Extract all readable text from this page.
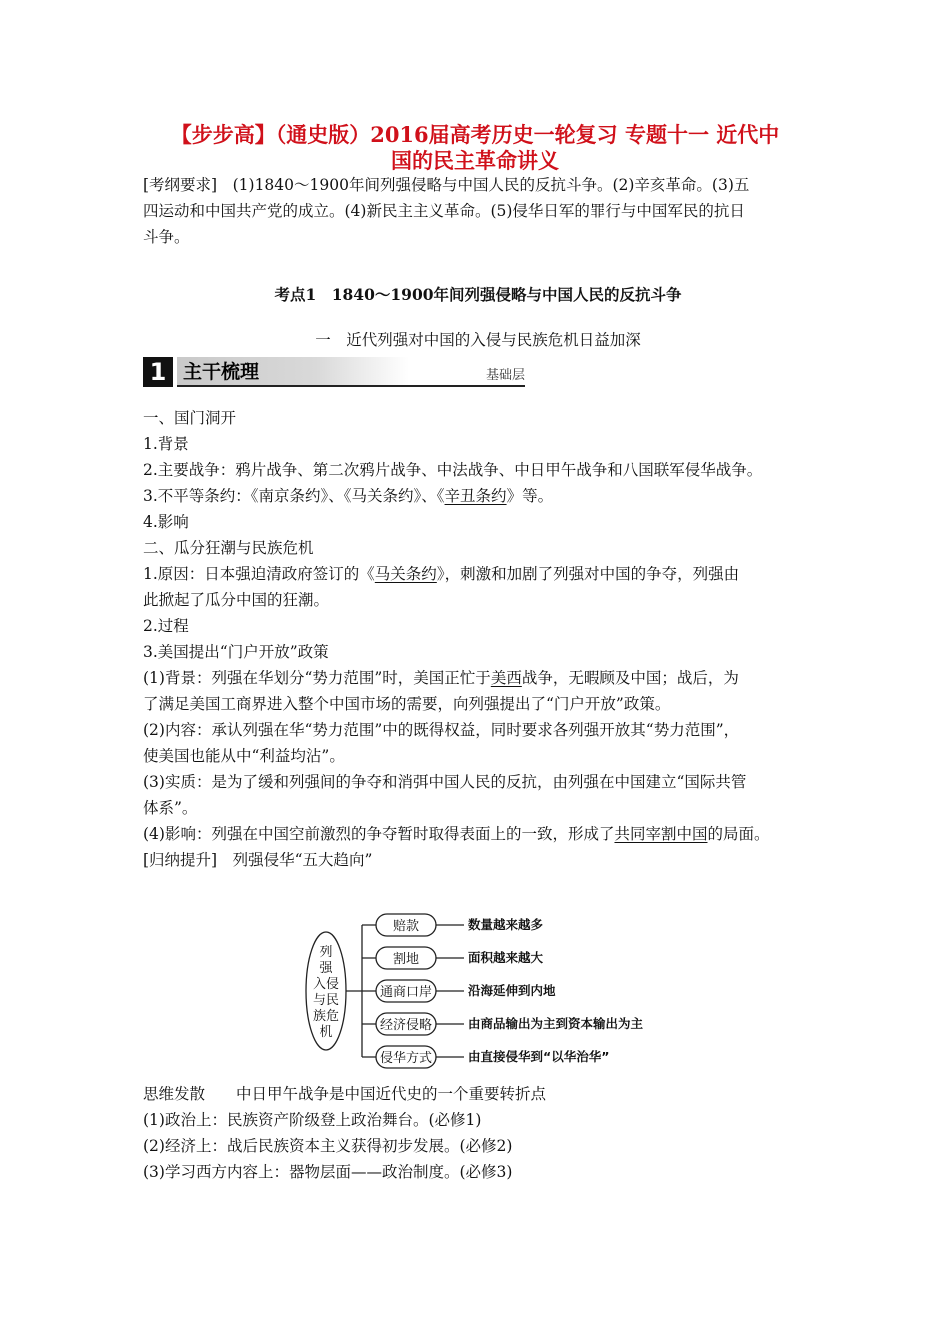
【步步高】（通史版）2016届高考历史一轮复习 专题十一 近代中
国的民主革命讲义
[考纲要求]　(1)1840～1900年间列强侵略与中国人民的反抗斗争。(2)辛亥革命。(3)五
四运动和中国共产党的成立。(4)新民主主义革命。(5)侵华日军的罪行与中国军民的抗日
斗争。
考点1　1840～1900年间列强侵略与中国人民的反抗斗争
一　近代列强对中国的入侵与民族危机日益加深
1 主干梳理	基础层
一、国门洞开
1.背景
2.主要战争：鸦片战争、第二次鸦片战争、中法战争、中日甲午战争和八国联军侵华战争。
3.不平等条约：《南京条约》、《马关条约》、《辛丑条约》等。
4.影响
二、瓜分狂潮与民族危机
1.原因：日本强迫清政府签订的《马关条约》，刺激和加剧了列强对中国的争夺，列强由
此掀起了瓜分中国的狂潮。
2.过程
3.美国提出“门户开放”政策
(1)背景：列强在华划分“势力范围”时，美国正忙于美西战争，无暇顾及中国；战后，为
了满足美国工商界进入整个中国市场的需要，向列强提出了“门户开放”政策。
(2)内容：承认列强在华“势力范围”中的既得权益，同时要求各列强开放其“势力范围”，
使美国也能从中“利益均沾”。
(3)实质：是为了缓和列强间的争夺和消弭中国人民的反抗，由列强在中国建立“国际共管
体系”。
(4)影响：列强在中国空前激烈的争夺暂时取得表面上的一致，形成了共同宰割中国的局面。
[归纳提升]　列强侵华“五大趋向”
列
强
入侵
与民
族危
机
赔款	数量越来越多
割地	面积越来越大
通商口岸	沿海延伸到内地
经济侵略	由商品输出为主到资本输出为主
侵华方式	由直接侵华到“以华治华”
思维发散　　中日甲午战争是中国近代史的一个重要转折点
(1)政治上：民族资产阶级登上政治舞台。(必修1)
(2)经济上：战后民族资本主义获得初步发展。(必修2)
(3)学习西方内容上：器物层面——政治制度。(必修3)
